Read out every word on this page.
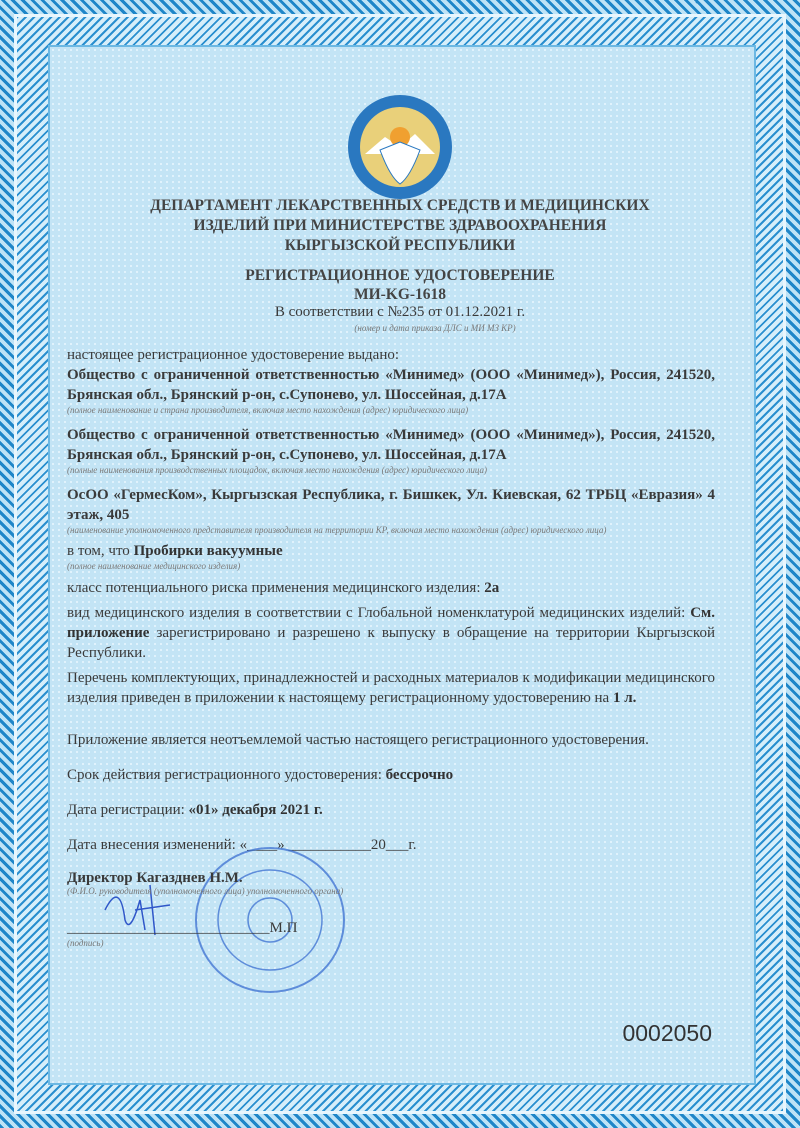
ДЕПАРТАМЕНТ ЛЕКАРСТВЕННЫХ СРЕДСТВ И МЕДИЦИНСКИХ
ИЗДЕЛИЙ ПРИ МИНИСТЕРСТВЕ ЗДРАВООХРАНЕНИЯ
КЫРГЫЗСКОЙ РЕСПУБЛИКИ
РЕГИСТРАЦИОННОЕ УДОСТОВЕРЕНИЕ
МИ-KG-1618
В соответствии с №235 от 01.12.2021 г.
(номер и дата приказа ДЛС и МИ МЗ КР)
настоящее регистрационное удостоверение выдано:
Общество с ограниченной ответственностью «Минимед» (ООО «Минимед»), Россия, 241520, Брянская обл., Брянский р-он, с.Супонево, ул. Шоссейная, д.17А
(полное наименование и страна производителя, включая место нахождения (адрес) юридического лица)
Общество с ограниченной ответственностью «Минимед» (ООО «Минимед»), Россия, 241520, Брянская обл., Брянский р-он, с.Супонево, ул. Шоссейная, д.17А
(полные наименования производственных площадок, включая место нахождения (адрес) юридического лица)
ОсОО «ГермесКом», Кыргызская Республика, г. Бишкек, Ул. Киевская, 62 ТРБЦ «Евразия» 4 этаж, 405
(наименование уполномоченного представителя производителя на территории КР, включая место нахождения (адрес) юридического лица)
в том, что Пробирки вакуумные
(полное наименование медицинского изделия)
класс потенциального риска применения медицинского изделия: 2а
вид медицинского изделия в соответствии с Глобальной номенклатурой медицинских изделий: См. приложение зарегистрировано и разрешено к выпуску в обращение на территории Кыргызской Республики.
Перечень комплектующих, принадлежностей и расходных материалов к модификации медицинского изделия приведен в приложении к настоящему регистрационному удостоверению на 1 л.
Приложение является неотъемлемой частью настоящего регистрационного удостоверения.
Срок действия регистрационного удостоверения: бессрочно
Дата регистрации: «01» декабря 2021 г.
Дата внесения изменений: «____» ___________20___г.
Директор Кагазднев Н.М.
(Ф.И.О. руководителя (уполномоченного лица) уполномоченного органа)
___________________________М.П
(подпись)
0002050
